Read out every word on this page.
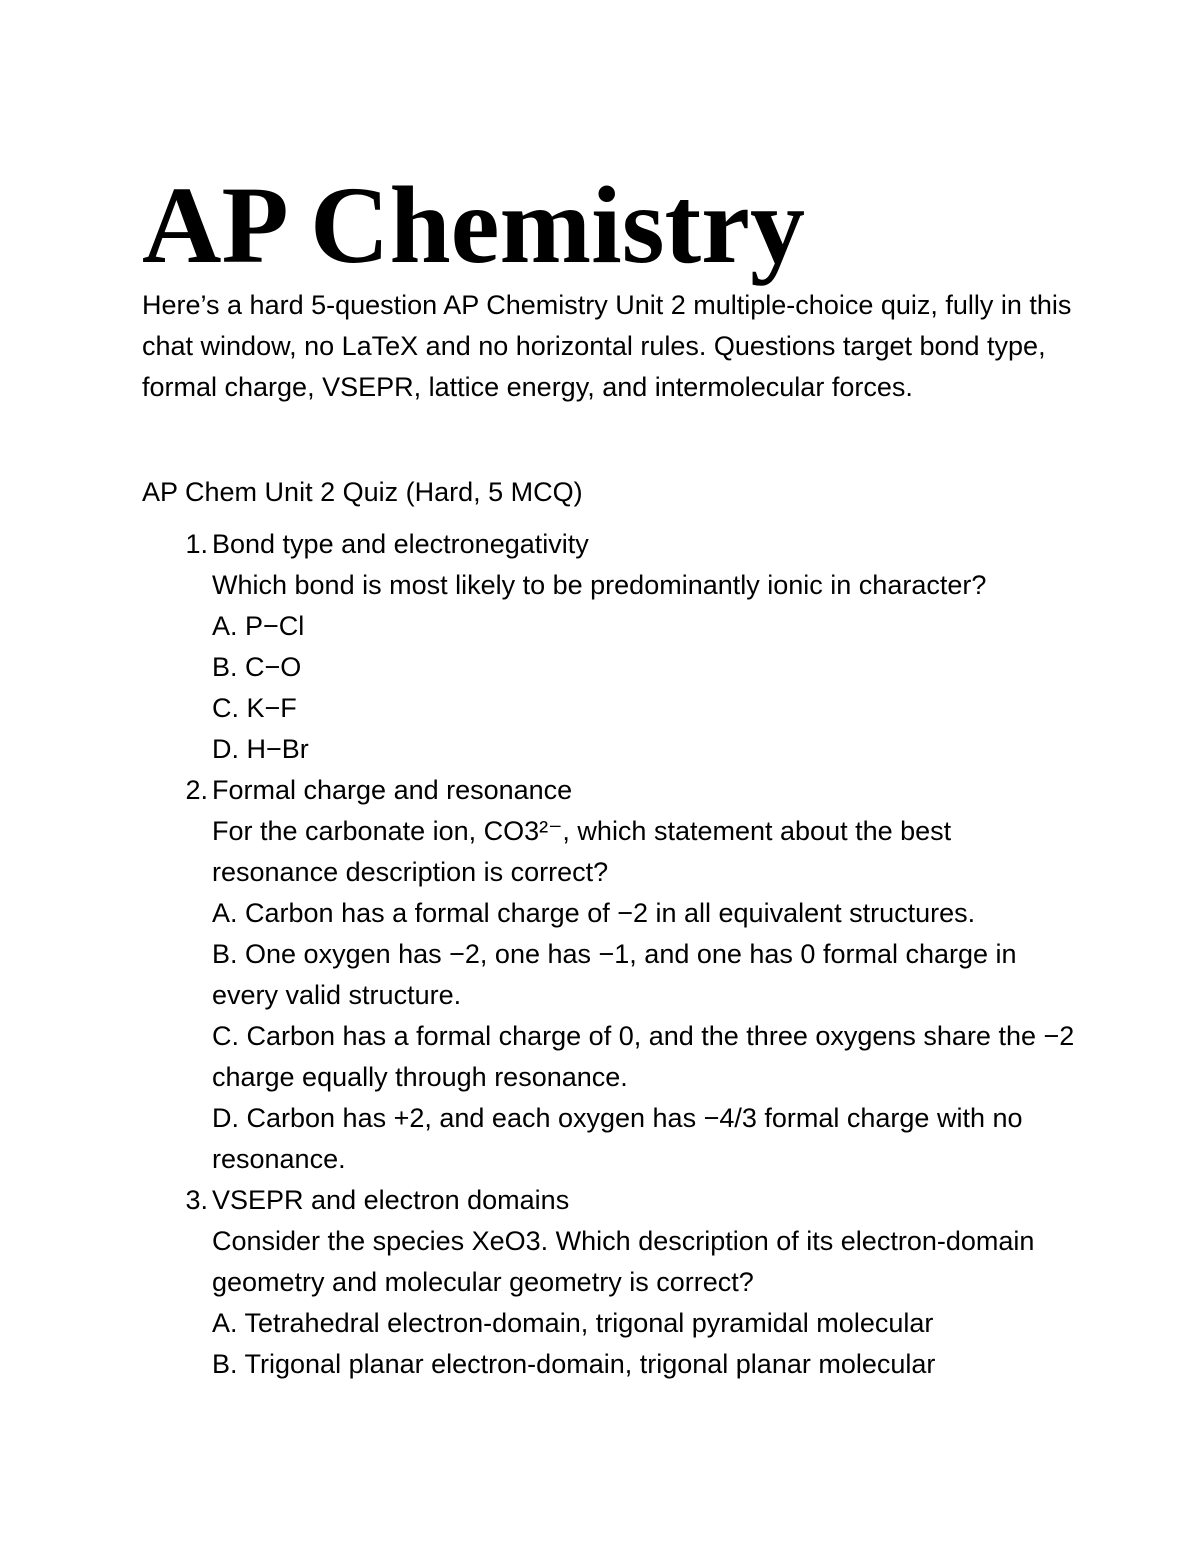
AP Chemistry

Here’s a hard 5-question AP Chemistry Unit 2 multiple-choice quiz, fully in this chat window, no LaTeX and no horizontal rules. Questions target bond type, formal charge, VSEPR, lattice energy, and intermolecular forces.

AP Chem Unit 2 Quiz (Hard, 5 MCQ)

1. Bond type and electronegativity
Which bond is most likely to be predominantly ionic in character?
A. P−Cl
B. C−O
C. K−F
D. H−Br
2. Formal charge and resonance
For the carbonate ion, CO3²⁻, which statement about the best resonance description is correct?
A. Carbon has a formal charge of −2 in all equivalent structures.
B. One oxygen has −2, one has −1, and one has 0 formal charge in every valid structure.
C. Carbon has a formal charge of 0, and the three oxygens share the −2 charge equally through resonance.
D. Carbon has +2, and each oxygen has −4/3 formal charge with no resonance.
3. VSEPR and electron domains
Consider the species XeO3. Which description of its electron-domain geometry and molecular geometry is correct?
A. Tetrahedral electron-domain, trigonal pyramidal molecular
B. Trigonal planar electron-domain, trigonal planar molecular
